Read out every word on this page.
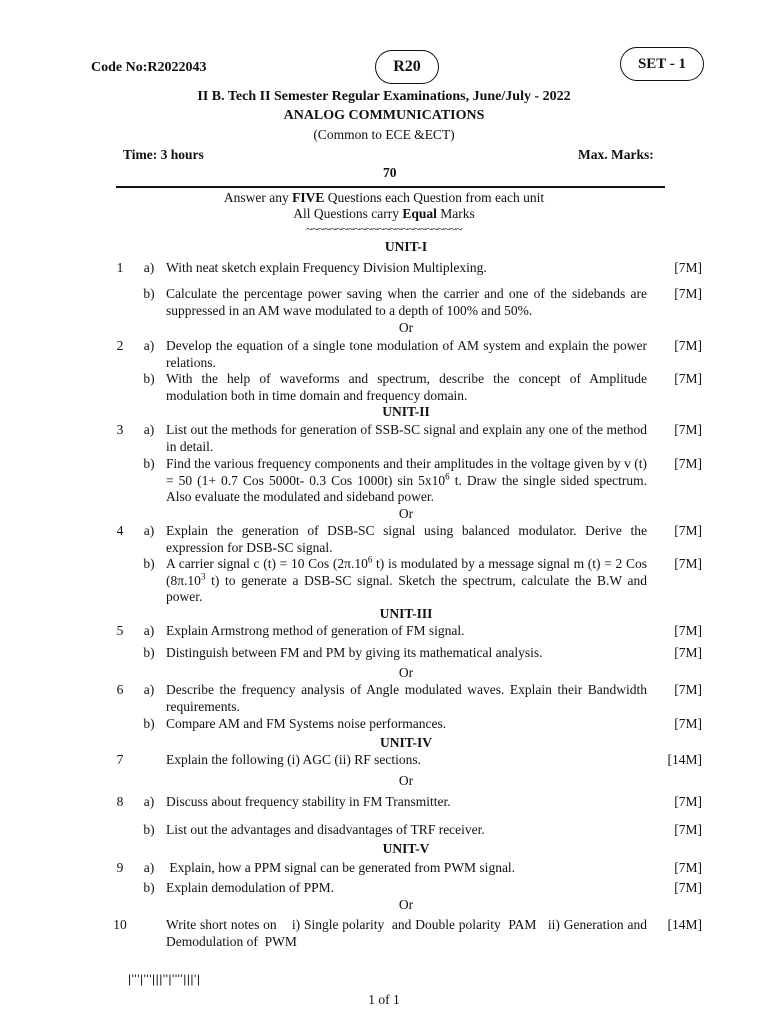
Code No:R2022043	R20	SET - 1
II B. Tech II Semester Regular Examinations, June/July - 2022
ANALOG COMMUNICATIONS
(Common to ECE &ECT)
Time: 3 hours	Max. Marks:
70
Answer any FIVE Questions each Question from each unit
All Questions carry Equal Marks
~~~~~~~~~~~~~~~~~~~~~~~~~~
UNIT-I
1	a) With neat sketch explain Frequency Division Multiplexing.	[7M]
b) Calculate the percentage power saving when the carrier and one of the sidebands are suppressed in an AM wave modulated to a depth of 100% and 50%.
[7M]
Or
2	a) Develop the equation of a single tone modulation of AM system and explain the power relations.
[7M]
b) With the help of waveforms and spectrum, describe the concept of Amplitude modulation both in time domain and frequency domain.
[7M]
UNIT-II
3	a) List out the methods for generation of SSB-SC signal and explain any one of the method in detail.
[7M]
b) Find the various frequency components and their amplitudes in the voltage given by v (t) = 50 (1+ 0.7 Cos 5000t- 0.3 Cos 1000t) $\sin 5x10^6$ t. Draw the single sided spectrum. Also evaluate the modulated and sideband power.
[7M]
Or
4	a) Explain the generation of DSB-SC signal using balanced modulator. Derive the expression for DSB-SC signal.
[7M]
b) A carrier signal c (t) = 10 Cos ($2\pi.10^6$ t) is modulated by a message signal m (t) = 2 Cos ($8\pi.10^3$ t) to generate a DSB-SC signal. Sketch the spectrum, calculate the B.W and power.
[7M]
UNIT-III
5	a) Explain Armstrong method of generation of FM signal.	[7M]
b) Distinguish between FM and PM by giving its mathematical analysis.	[7M]
Or
6	a) Describe the frequency analysis of Angle modulated waves. Explain their Bandwidth requirements.
[7M]
b) Compare AM and FM Systems noise performances.	[7M]
UNIT-IV
7	Explain the following (i) AGC (ii) RF sections.	[14M]
Or
8	a) Discuss about frequency stability in FM Transmitter.	[7M]
b) List out the advantages and disadvantages of TRF receiver.	[7M]
UNIT-V
9	a) Explain, how a PPM signal can be generated from PWM signal.	[7M]
b) Explain demodulation of PPM.	[7M]
Or
10	Write short notes on    i) Single polarity  and Double polarity  PAM   ii) Generation and Demodulation of  PWM
[14M]
|'''|'''|||''|''''|||'|
1 of 1
